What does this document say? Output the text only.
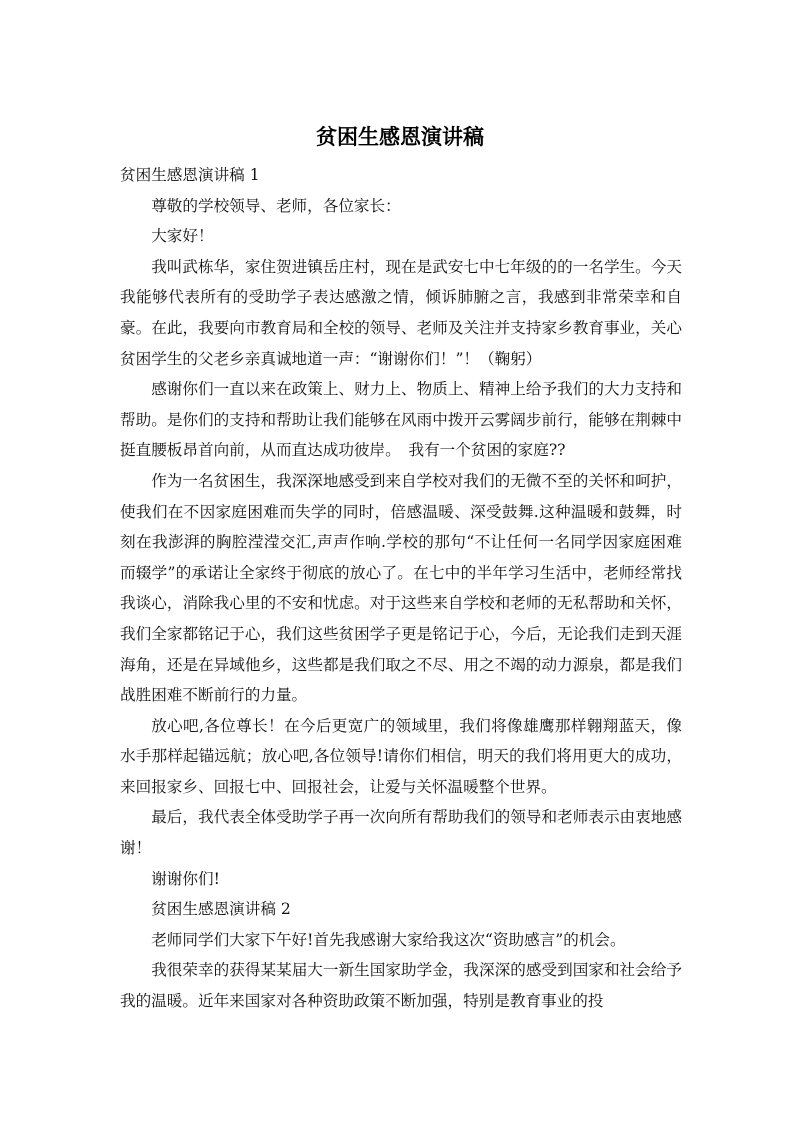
贫困生感恩演讲稿

贫困生感恩演讲稿 1

尊敬的学校领导、老师，各位家长：

大家好！

我叫武栋华，家住贺进镇岳庄村，现在是武安七中七年级的的一名学生。今天我能够代表所有的受助学子表达感激之情，倾诉肺腑之言，我感到非常荣幸和自豪。在此，我要向市教育局和全校的领导、老师及关注并支持家乡教育事业，关心贫困学生的父老乡亲真诚地道一声：“谢谢你们！”！（鞠躬）

感谢你们一直以来在政策上、财力上、物质上、精神上给予我们的大力支持和帮助。是你们的支持和帮助让我们能够在风雨中拨开云雾阔步前行，能够在荆棘中挺直腰板昂首向前，从而直达成功彼岸。　我有一个贫困的家庭??

作为一名贫困生，我深深地感受到来自学校对我们的无微不至的关怀和呵护，使我们在不因家庭困难而失学的同时，倍感温暖、深受鼓舞.这种温暖和鼓舞，时刻在我澎湃的胸腔滢滢交汇,声声作响.学校的那句“不让任何一名同学因家庭困难而辍学”的承诺让全家终于彻底的放心了。在七中的半年学习生活中，老师经常找我谈心，消除我心里的不安和忧虑。对于这些来自学校和老师的无私帮助和关怀，我们全家都铭记于心，我们这些贫困学子更是铭记于心，今后，无论我们走到天涯海角，还是在异域他乡，这些都是我们取之不尽、用之不竭的动力源泉，都是我们战胜困难不断前行的力量。

放心吧,各位尊长！在今后更宽广的领域里，我们将像雄鹰那样翱翔蓝天，像水手那样起锚远航；放心吧,各位领导!请你们相信，明天的我们将用更大的成功，来回报家乡、回报七中、回报社会，让爱与关怀温暖整个世界。

最后，我代表全体受助学子再一次向所有帮助我们的领导和老师表示由衷地感谢！

谢谢你们!

贫困生感恩演讲稿 2

老师同学们大家下午好!首先我感谢大家给我这次“资助感言”的机会。

我很荣幸的获得某某届大一新生国家助学金，我深深的感受到国家和社会给予我的温暖。近年来国家对各种资助政策不断加强，特别是教育事业的投
